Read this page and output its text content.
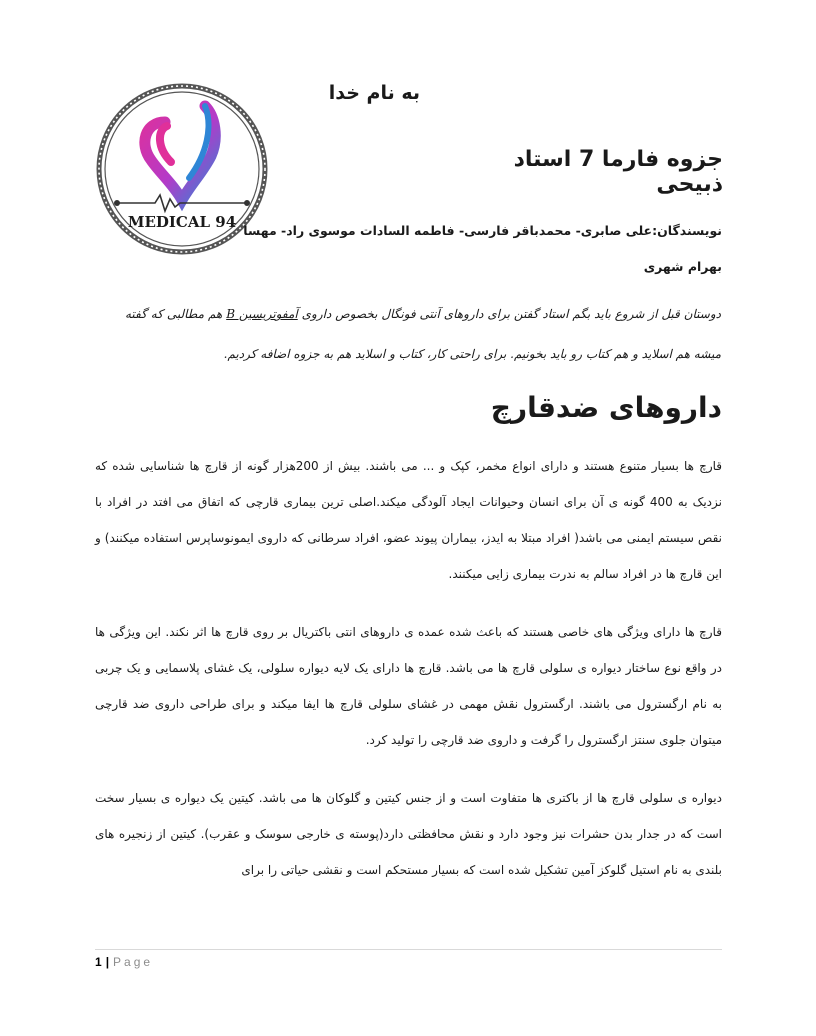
MEDICAL 94
به نام خدا
جزوه فارما 7 استاد ذبیحی
نویسندگان:علی صابری- محمدباقر فارسی- فاطمه السادات موسوی راد- مهسا
بهرام شهری
دوستان قبل از شروع باید بگم استاد گفتن برای داروهای آنتی فونگال بخصوص داروی آمفوتریسین B هم مطالبی که گفته میشه هم اسلاید و هم کتاب رو باید بخونیم. برای راحتی کار، کتاب و اسلاید هم به جزوه اضافه کردیم.
داروهای ضدقارچ
قارچ ها بسیار متنوع هستند و دارای انواع مخمر، کپک و ... می باشند. بیش از 200هزار گونه از قارچ ها شناسایی شده که نزدیک به 400 گونه ی آن برای انسان وحیوانات ایجاد آلودگی میکند.اصلی ترین بیماری قارچی که اتفاق می افتد در افراد با نقص سیستم ایمنی می باشد( افراد مبتلا به ایدز، بیماران پیوند عضو، افراد سرطانی که داروی ایمونوساپرس استفاده میکنند) و این قارچ ها در افراد سالم به ندرت بیماری زایی میکنند.
قارچ ها دارای ویژگی های خاصی هستند که باعث شده عمده ی داروهای انتی باکتریال بر روی قارچ ها اثر نکند. این ویژگی ها در واقع نوع ساختار دیواره ی سلولی قارچ ها می باشد. قارچ ها دارای یک لایه دیواره سلولی، یک غشای پلاسمایی و یک چربی به نام ارگسترول می باشند. ارگسترول نقش مهمی در غشای سلولی قارچ ها ایفا میکند و برای طراحی داروی ضد قارچی میتوان جلوی سنتز ارگسترول را گرفت و داروی ضد قارچی را تولید کرد.
دیواره ی سلولی قارچ ها از باکتری ها متفاوت است و از جنس کیتین و گلوکان ها می باشد. کیتین یک دیواره ی بسیار سخت است که در جدار بدن حشرات نیز وجود دارد و نقش محافظتی دارد(پوسته ی خارجی سوسک و عقرب). کیتین از زنجیره های بلندی به نام استیل گلوکز آمین تشکیل شده است که بسیار مستحکم است و نقشی حیاتی را برای
1 | Page
